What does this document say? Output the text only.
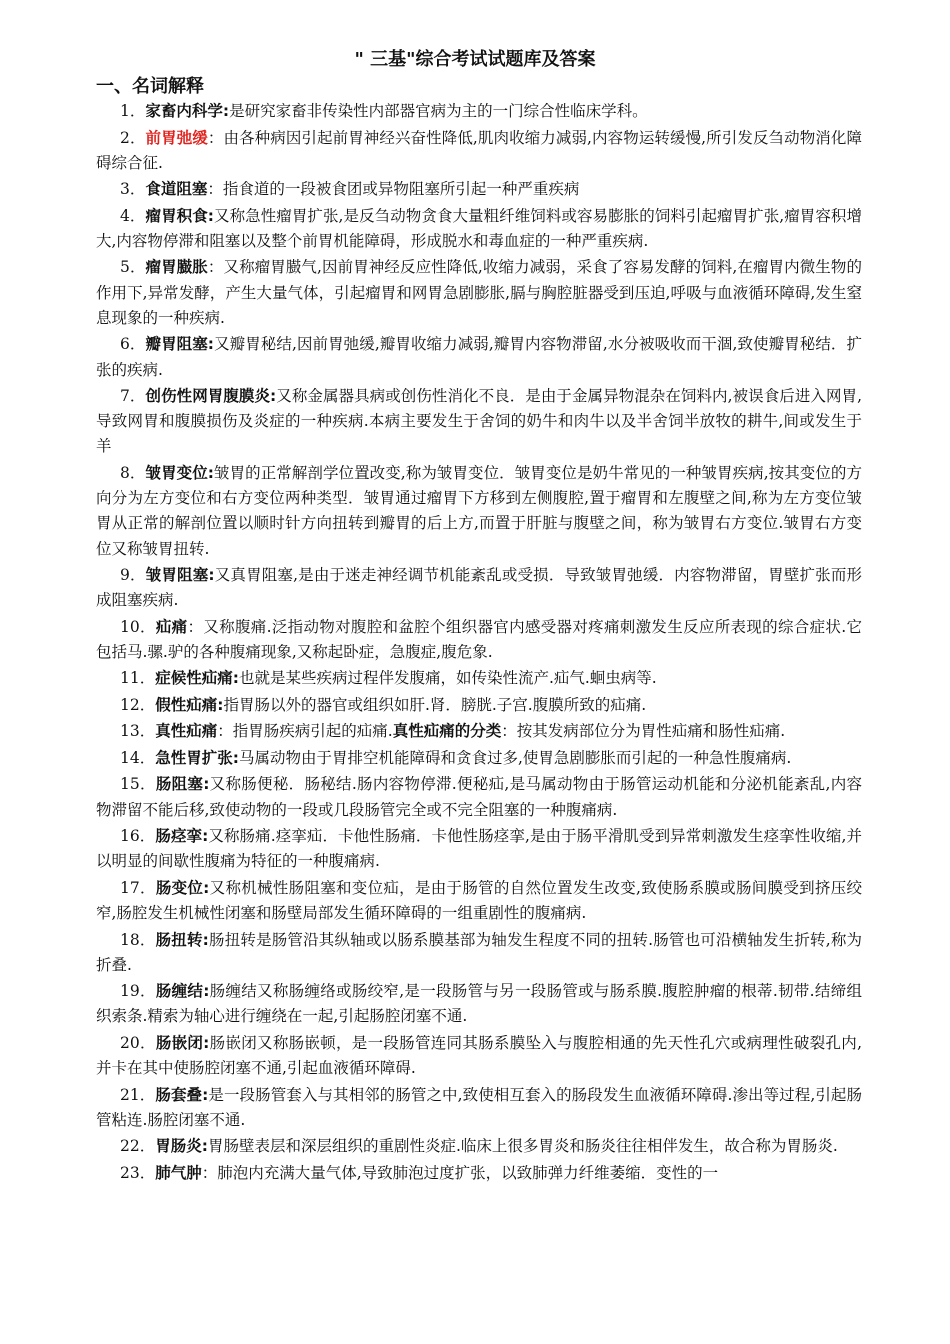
" 三基"综合考试试题库及答案
一、名词解释

1．家畜内科学:是研究家畜非传染性内部器官病为主的一门综合性临床学科。

2．前胃弛缓：由各种病因引起前胃神经兴奋性降低,肌肉收缩力减弱,内容物运转缓慢,所引发反刍动物消化障碍综合征.

3．食道阻塞：指食道的一段被食团或异物阻塞所引起一种严重疾病

4．瘤胃积食:又称急性瘤胃扩张,是反刍动物贪食大量粗纤维饲料或容易膨胀的饲料引起瘤胃扩张,瘤胃容积增大,内容物停滞和阻塞以及整个前胃机能障碍，形成脱水和毒血症的一种严重疾病.

5．瘤胃臌胀：又称瘤胃臌气,因前胃神经反应性降低,收缩力减弱，采食了容易发酵的饲料,在瘤胃内微生物的作用下,异常发酵，产生大量气体，引起瘤胃和网胃急剧膨胀,膈与胸腔脏器受到压迫,呼吸与血液循环障碍,发生窒息现象的一种疾病.

6．瓣胃阻塞:又瓣胃秘结,因前胃弛缓,瓣胃收缩力减弱,瓣胃内容物滞留,水分被吸收而干涸,致使瓣胃秘结．扩张的疾病.

7．创伤性网胃腹膜炎:又称金属器具病或创伤性消化不良．是由于金属异物混杂在饲料内,被误食后进入网胃,导致网胃和腹膜损伤及炎症的一种疾病.本病主要发生于舍饲的奶牛和肉牛以及半舍饲半放牧的耕牛,间或发生于羊

8．皱胃变位:皱胃的正常解剖学位置改变,称为皱胃变位．皱胃变位是奶牛常见的一种皱胃疾病,按其变位的方向分为左方变位和右方变位两种类型．皱胃通过瘤胃下方移到左侧腹腔,置于瘤胃和左腹壁之间,称为左方变位皱胃从正常的解剖位置以顺时针方向扭转到瓣胃的后上方,而置于肝脏与腹壁之间，称为皱胃右方变位.皱胃右方变位又称皱胃扭转.

9．皱胃阻塞:又真胃阻塞,是由于迷走神经调节机能紊乱或受损．导致皱胃弛缓．内容物滞留，胃壁扩张而形成阻塞疾病.

10．疝痛：又称腹痛.泛指动物对腹腔和盆腔个组织器官内感受器对疼痛刺激发生反应所表现的综合症状.它包括马.骡.驴的各种腹痛现象,又称起卧症，急腹症,腹危象.

11．症候性疝痛:也就是某些疾病过程伴发腹痛，如传染性流产.疝气.蛔虫病等.

12．假性疝痛:指胃肠以外的器官或组织如肝.肾．膀胱.子宫.腹膜所致的疝痛.

13．真性疝痛：指胃肠疾病引起的疝痛.真性疝痛的分类：按其发病部位分为胃性疝痛和肠性疝痛.

14．急性胃扩张:马属动物由于胃排空机能障碍和贪食过多,使胃急剧膨胀而引起的一种急性腹痛病.

15．肠阻塞:又称肠便秘．肠秘结.肠内容物停滞.便秘疝,是马属动物由于肠管运动机能和分泌机能紊乱,内容物滞留不能后移,致使动物的一段或几段肠管完全或不完全阻塞的一种腹痛病.

16．肠痉挛:又称肠痛.痉挛疝．卡他性肠痛．卡他性肠痉挛,是由于肠平滑肌受到异常刺激发生痉挛性收缩,并以明显的间歇性腹痛为特征的一种腹痛病.

17．肠变位:又称机械性肠阻塞和变位疝，是由于肠管的自然位置发生改变,致使肠系膜或肠间膜受到挤压绞窄,肠腔发生机械性闭塞和肠壁局部发生循环障碍的一组重剧性的腹痛病.

18．肠扭转:肠扭转是肠管沿其纵轴或以肠系膜基部为轴发生程度不同的扭转.肠管也可沿横轴发生折转,称为折叠.

19．肠缠结:肠缠结又称肠缠络或肠绞窄,是一段肠管与另一段肠管或与肠系膜.腹腔肿瘤的根蒂.韧带.结缔组织索条.精索为轴心进行缠绕在一起,引起肠腔闭塞不通.

20．肠嵌闭:肠嵌闭又称肠嵌顿，是一段肠管连同其肠系膜坠入与腹腔相通的先天性孔穴或病理性破裂孔内,并卡在其中使肠腔闭塞不通,引起血液循环障碍.

21．肠套叠:是一段肠管套入与其相邻的肠管之中,致使相互套入的肠段发生血液循环障碍.渗出等过程,引起肠管粘连.肠腔闭塞不通.

22．胃肠炎:胃肠壁表层和深层组织的重剧性炎症.临床上很多胃炎和肠炎往往相伴发生，故合称为胃肠炎.

23．肺气肿：肺泡内充满大量气体,导致肺泡过度扩张，以致肺弹力纤维萎缩．变性的一
